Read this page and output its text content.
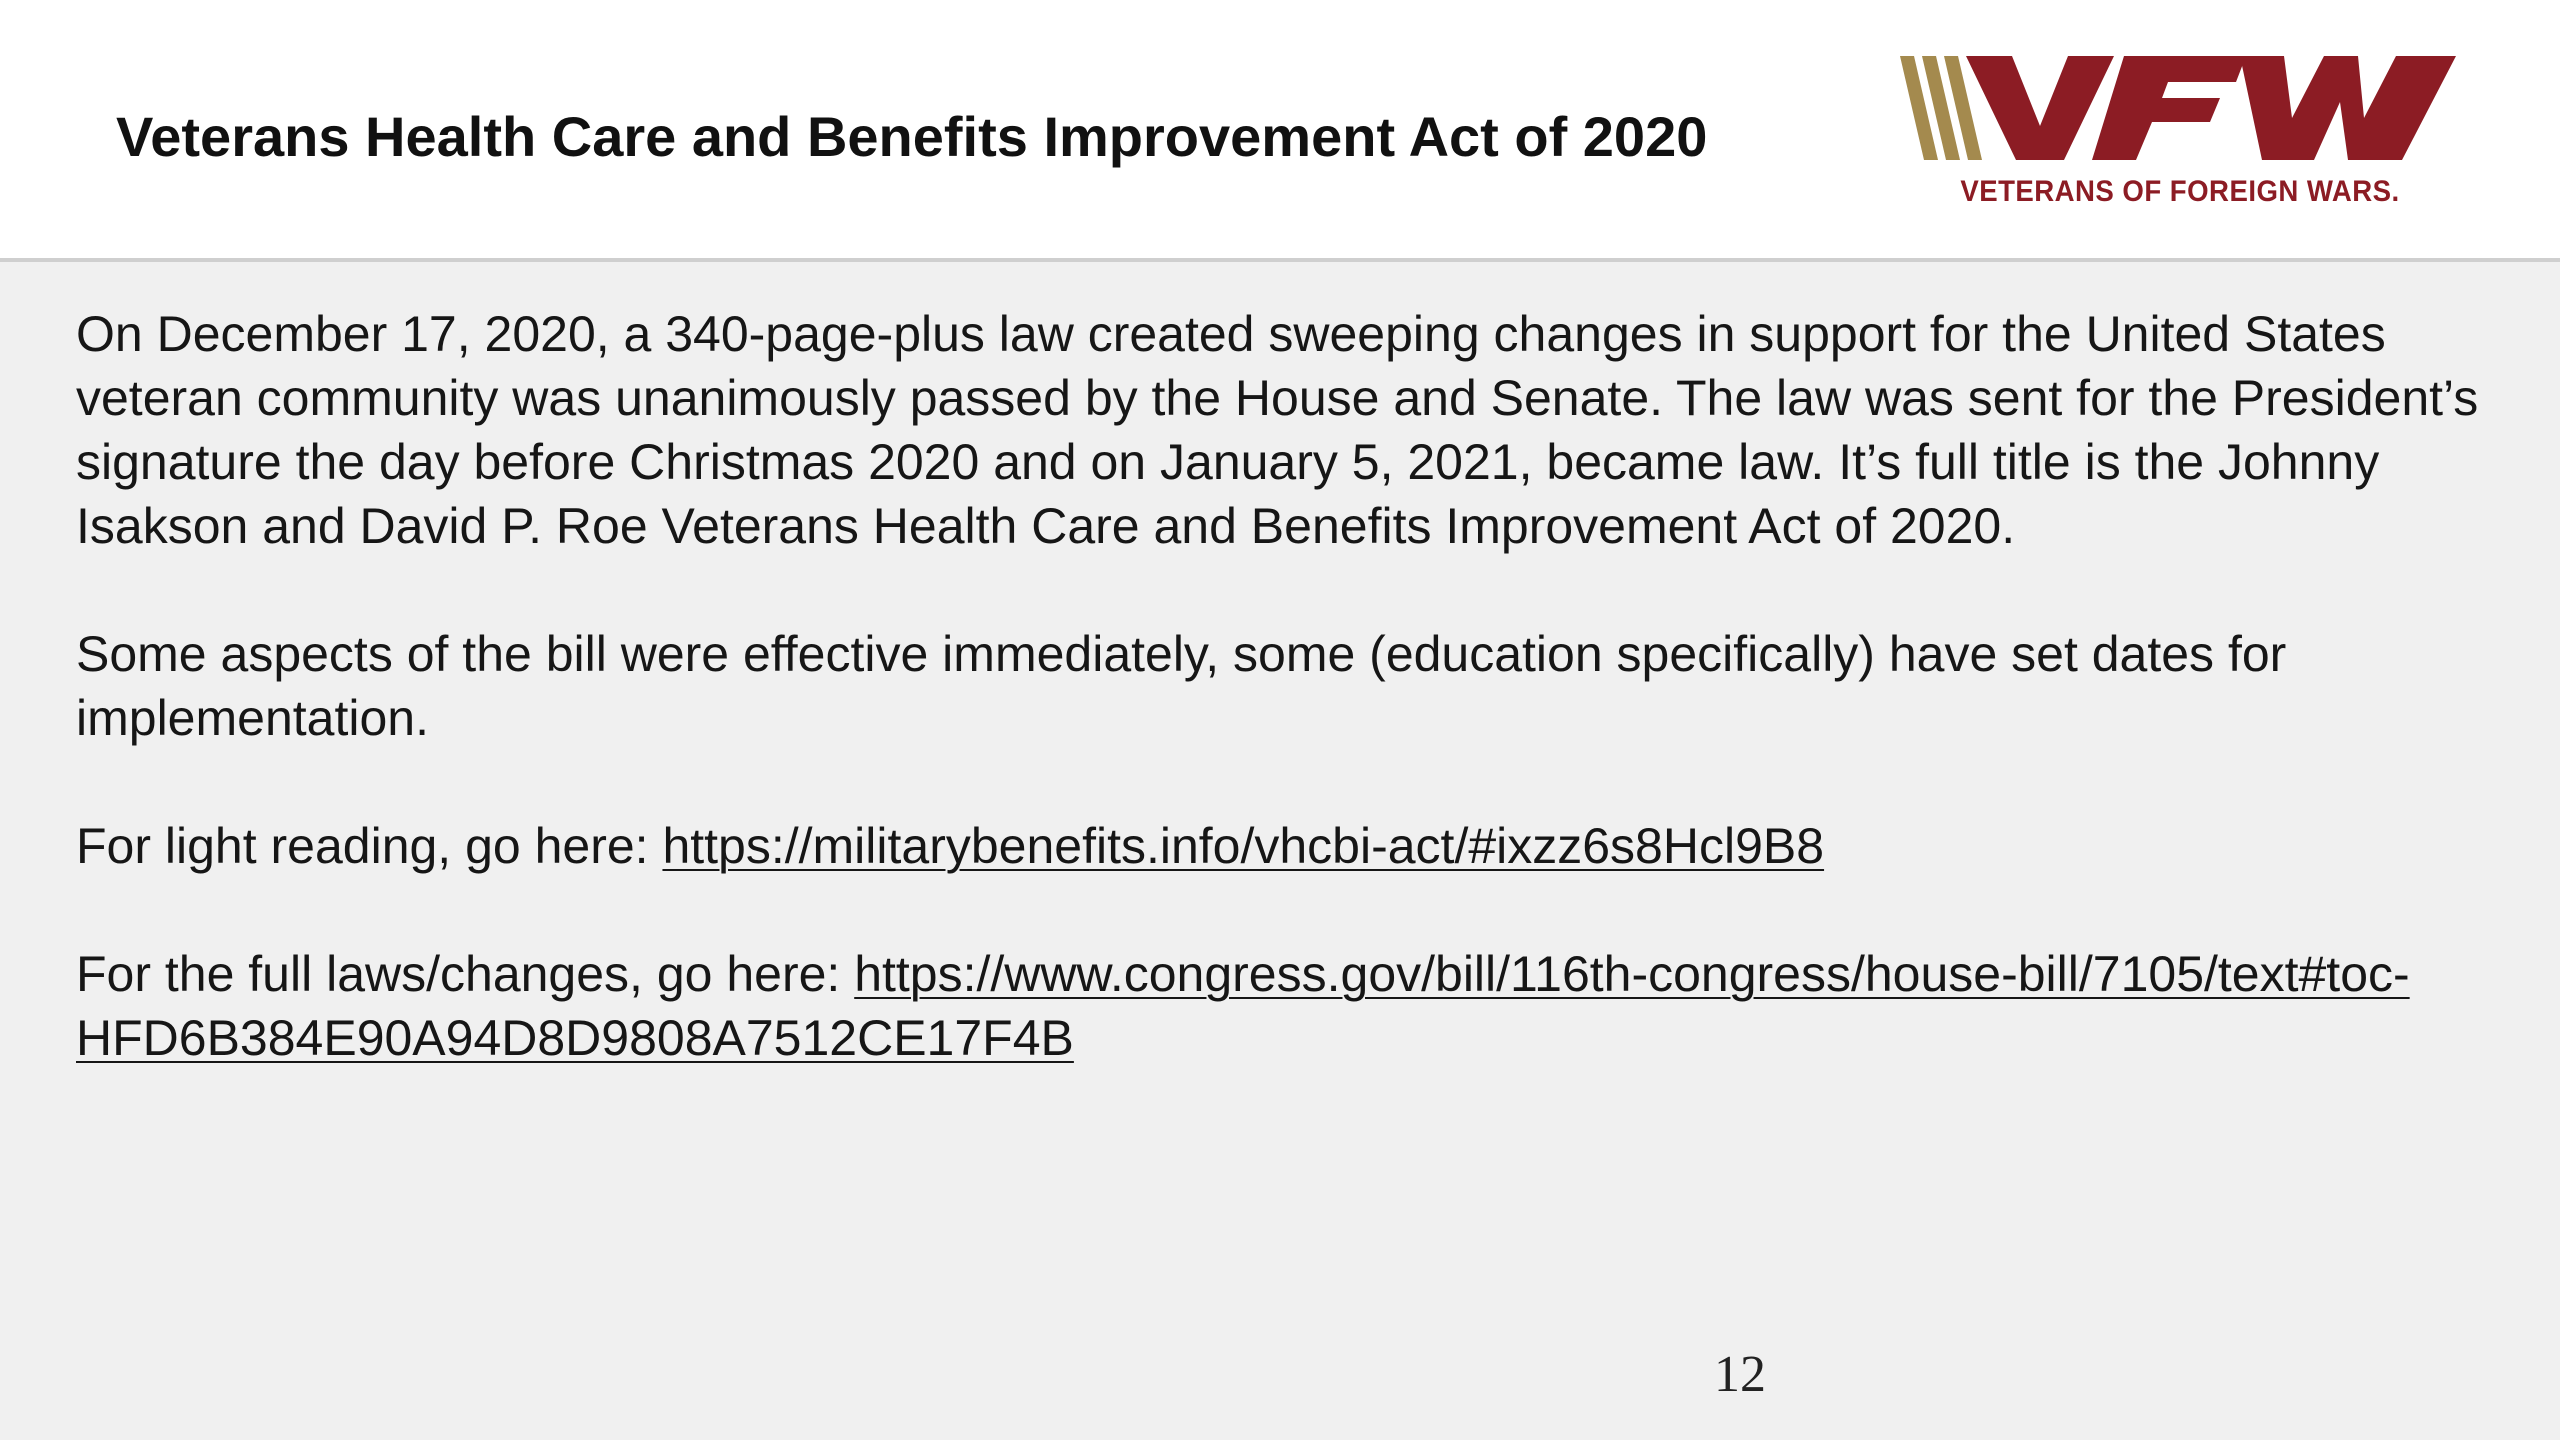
Veterans Health Care and Benefits Improvement Act of 2020
VETERANS OF FOREIGN WARS.

On December 17, 2020, a 340-page-plus law created sweeping changes in support for the United States veteran community was unanimously passed by the House and Senate. The law was sent for the President’s signature the day before Christmas 2020 and on January 5, 2021, became law. It’s full title is the Johnny Isakson and David P. Roe Veterans Health Care and Benefits Improvement Act of 2020.

Some aspects of the bill were effective immediately, some (education specifically) have set dates for implementation.

For light reading, go here: https://militarybenefits.info/vhcbi-act/#ixzz6s8Hcl9B8

For the full laws/changes, go here: https://www.congress.gov/bill/116th-congress/house-bill/7105/text#toc-HFD6B384E90A94D8D9808A7512CE17F4B

12
